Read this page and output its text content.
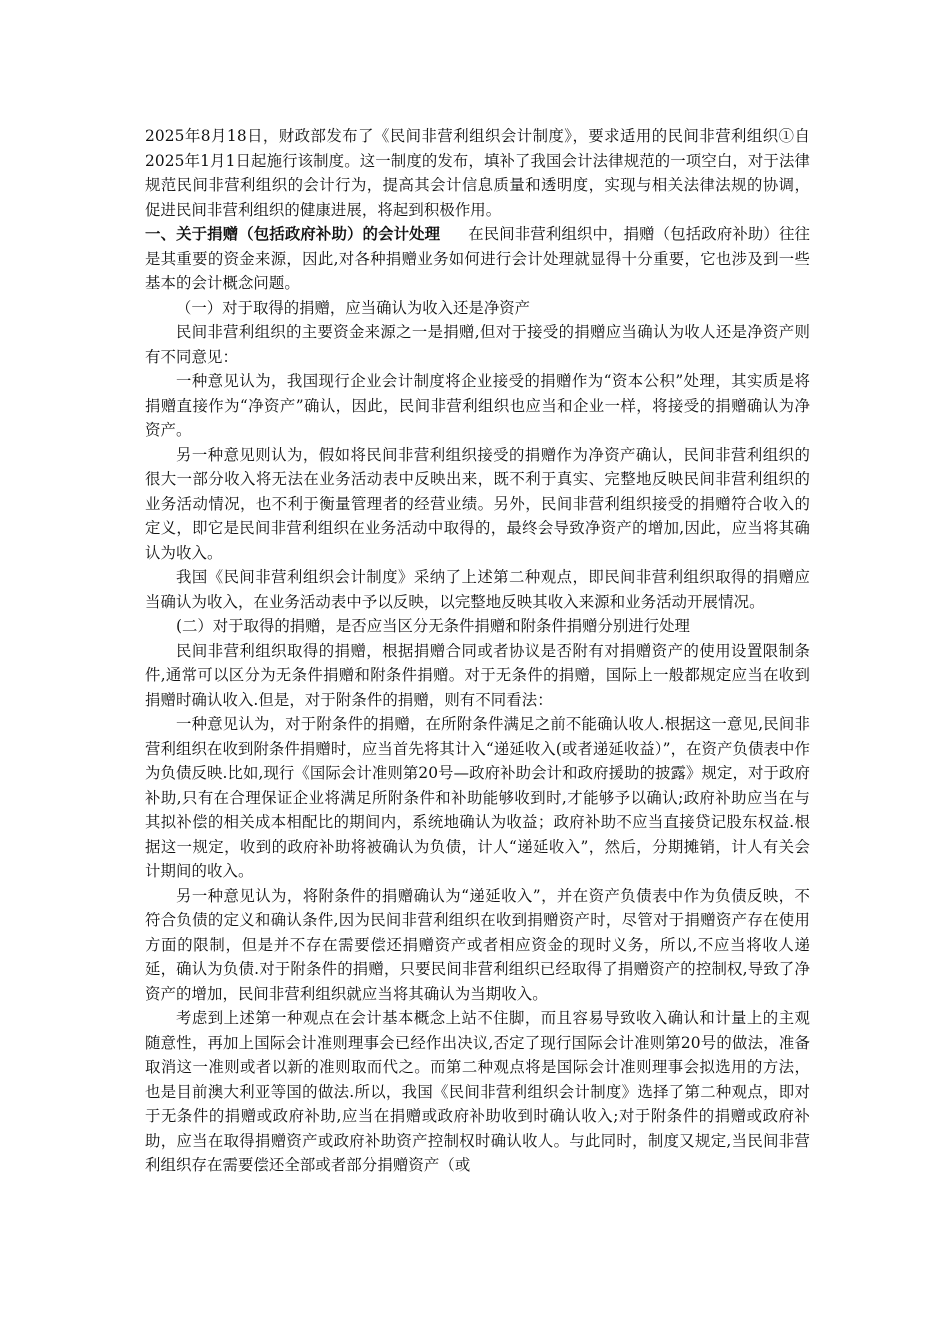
2025年8月18日，财政部发布了《民间非营利组织会计制度》，要求适用的民间非营利组织①自2025年1月1日起施行该制度。这一制度的发布，填补了我国会计法律规范的一项空白，对于法律规范民间非营利组织的会计行为，提高其会计信息质量和透明度，实现与相关法律法规的协调，促进民间非营利组织的健康进展，将起到积极作用。

一、关于捐赠（包括政府补助）的会计处理 在民间非营利组织中，捐赠（包括政府补助）往往是其重要的资金来源，因此,对各种捐赠业务如何进行会计处理就显得十分重要，它也涉及到一些基本的会计概念问题。

（一）对于取得的捐赠，应当确认为收入还是净资产

民间非营利组织的主要资金来源之一是捐赠,但对于接受的捐赠应当确认为收人还是净资产则有不同意见：

一种意见认为，我国现行企业会计制度将企业接受的捐赠作为“资本公积”处理，其实质是将捐赠直接作为“净资产”确认，因此，民间非营利组织也应当和企业一样，将接受的捐赠确认为净资产。

另一种意见则认为，假如将民间非营利组织接受的捐赠作为净资产确认，民间非营利组织的很大一部分收入将无法在业务活动表中反映出来，既不利于真实、完整地反映民间非营利组织的业务活动情况，也不利于衡量管理者的经营业绩。另外，民间非营利组织接受的捐赠符合收入的定义，即它是民间非营利组织在业务活动中取得的，最终会导致净资产的增加,因此，应当将其确认为收入。

我国《民间非营利组织会计制度》采纳了上述第二种观点，即民间非营利组织取得的捐赠应当确认为收入，在业务活动表中予以反映，以完整地反映其收入来源和业务活动开展情况。

(二）对于取得的捐赠，是否应当区分无条件捐赠和附条件捐赠分别进行处理

民间非营利组织取得的捐赠，根据捐赠合同或者协议是否附有对捐赠资产的使用设置限制条件,通常可以区分为无条件捐赠和附条件捐赠。对于无条件的捐赠，国际上一般都规定应当在收到捐赠时确认收入.但是，对于附条件的捐赠，则有不同看法：

一种意见认为，对于附条件的捐赠，在所附条件满足之前不能确认收人.根据这一意见,民间非营利组织在收到附条件捐赠时，应当首先将其计入“递延收入(或者递延收益）”，在资产负债表中作为负债反映.比如,现行《国际会计准则第20号—政府补助会计和政府援助的披露》规定，对于政府补助,只有在合理保证企业将满足所附条件和补助能够收到时,才能够予以确认;政府补助应当在与其拟补偿的相关成本相配比的期间内，系统地确认为收益；政府补助不应当直接贷记股东权益.根据这一规定，收到的政府补助将被确认为负债，计人“递延收入”，然后，分期摊销，计人有关会计期间的收入。

另一种意见认为，将附条件的捐赠确认为“递延收入”，并在资产负债表中作为负债反映，不符合负债的定义和确认条件,因为民间非营利组织在收到捐赠资产时，尽管对于捐赠资产存在使用方面的限制，但是并不存在需要偿还捐赠资产或者相应资金的现时义务，所以,不应当将收人递延，确认为负债.对于附条件的捐赠，只要民间非营利组织已经取得了捐赠资产的控制权,导致了净资产的增加，民间非营利组织就应当将其确认为当期收入。

考虑到上述第一种观点在会计基本概念上站不住脚，而且容易导致收入确认和计量上的主观随意性，再加上国际会计准则理事会已经作出决议,否定了现行国际会计准则第20号的做法，准备取消这一准则或者以新的准则取而代之。而第二种观点将是国际会计准则理事会拟选用的方法，也是目前澳大利亚等国的做法.所以，我国《民间非营利组织会计制度》选择了第二种观点，即对于无条件的捐赠或政府补助,应当在捐赠或政府补助收到时确认收入;对于附条件的捐赠或政府补助，应当在取得捐赠资产或政府补助资产控制权时确认收人。与此同时，制度又规定,当民间非营利组织存在需要偿还全部或者部分捐赠资产（或
